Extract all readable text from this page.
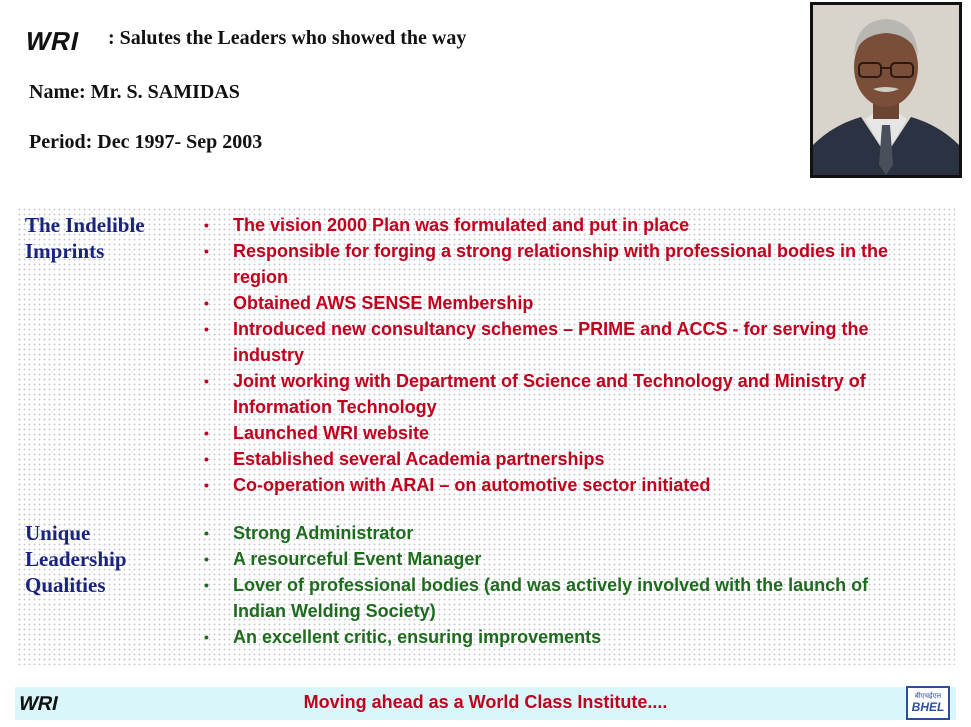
WRI : Salutes the Leaders who showed the way
Name: Mr. S. SAMIDAS
Period: Dec 1997- Sep 2003
The Indelible Imprints
• The vision 2000 Plan was formulated and put in place
• Responsible for forging a strong relationship with professional bodies in the region
• Obtained AWS SENSE Membership
• Introduced new consultancy schemes – PRIME and ACCS - for serving the industry
• Joint working with Department of Science and Technology and Ministry of Information Technology
• Launched WRI website
• Established several Academia partnerships
• Co-operation with ARAI – on automotive sector initiated
Unique Leadership Qualities
• Strong Administrator
• A resourceful Event Manager
• Lover of professional bodies (and was actively involved with the launch of Indian Welding Society)
• An excellent critic, ensuring improvements
WRI	Moving ahead as a World Class Institute....	बीएचईएल
BHEL
